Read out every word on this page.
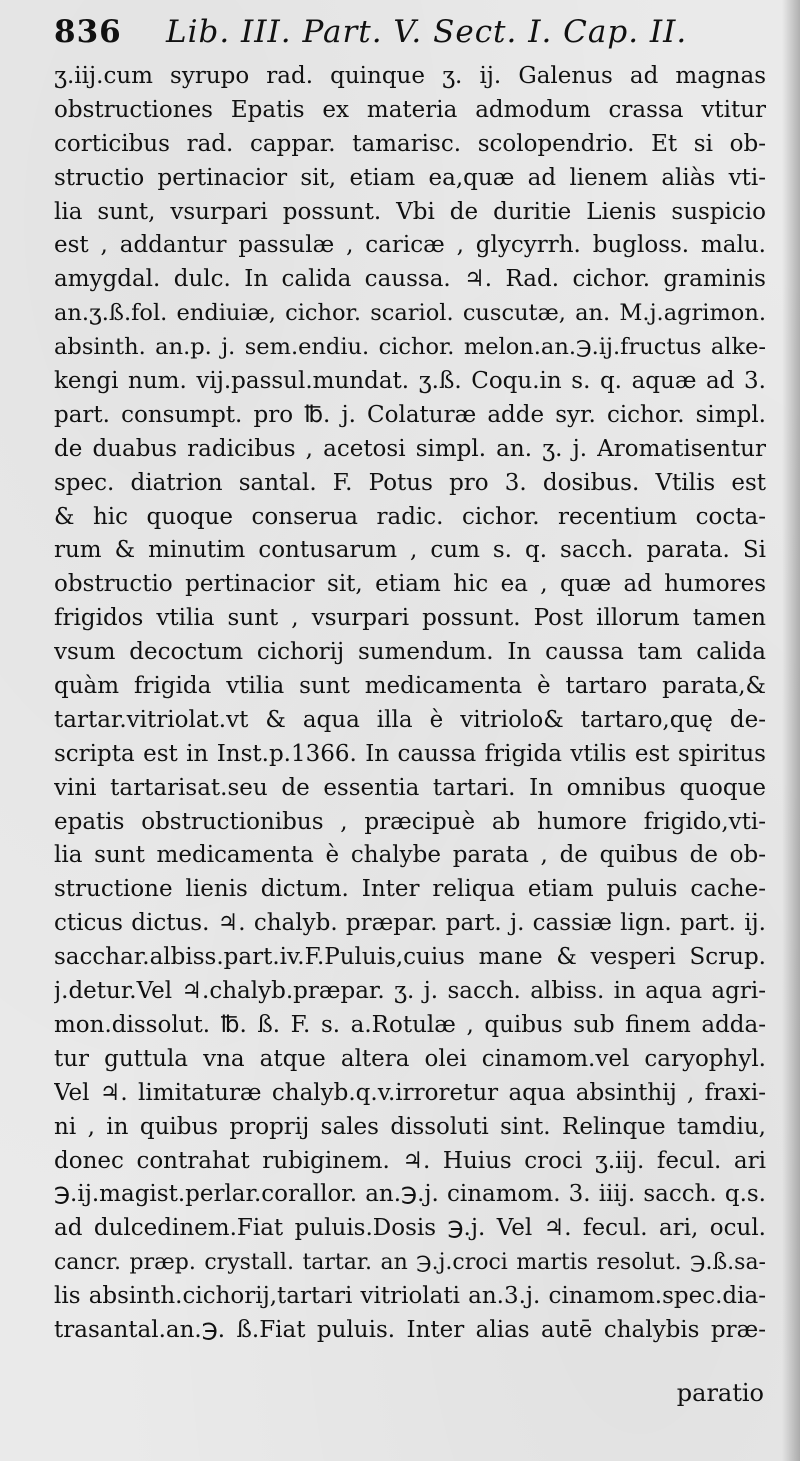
836	Lib. III. Part. V. Sect. I. Cap. II.
ʒ.iij.cum syrupo rad. quinque ʒ. ij. Galenus ad magnas
obstructiones Epatis ex materia admodum crassa vtitur
corticibus rad. cappar. tamarisc. scolopendrio. Et si ob-
structio pertinacior sit, etiam ea,quæ ad lienem aliàs vti-
lia sunt, vsurpari possunt. Vbi de duritie Lienis suspicio
est , addantur passulæ , caricæ , glycyrrh. bugloss. malu.
amygdal. dulc. In calida caussa. ♃. Rad. cichor. graminis
an.ʒ.ß.fol. endiuiæ, cichor. scariol. cuscutæ, an. M.j.agrimon.
absinth. an.p. j. sem.endiu. cichor. melon.an.℈.ij.fructus alke-
kengi num. vij.passul.mundat. ʒ.ß. Coqu.in s. q. aquæ ad 3.
part. consumpt. pro ℔. j. Colaturæ adde syr. cichor. simpl.
de duabus radicibus , acetosi simpl. an. ʒ. j. Aromatisentur
spec. diatrion santal. F. Potus pro 3. dosibus. Vtilis est
& hic quoque conserua radic. cichor. recentium cocta-
rum & minutim contusarum , cum s. q. sacch. parata. Si
obstructio pertinacior sit, etiam hic ea , quæ ad humores
frigidos vtilia sunt , vsurpari possunt. Post illorum tamen
vsum decoctum cichorij sumendum. In caussa tam calida
quàm frigida vtilia sunt medicamenta è tartaro parata,&
tartar.vitriolat.vt & aqua illa è vitriolo& tartaro,quę de-
scripta est in Inst.p.1366. In caussa frigida vtilis est spiritus
vini tartarisat.seu de essentia tartari. In omnibus quoque
epatis obstructionibus , præcipuè ab humore frigido,vti-
lia sunt medicamenta è chalybe parata , de quibus de ob-
structione lienis dictum. Inter reliqua etiam puluis cache-
cticus dictus. ♃. chalyb. præpar. part. j. cassiæ lign. part. ij.
sacchar.albiss.part.iv.F.Puluis,cuius mane & vesperi Scrup.
j.detur.Vel ♃.chalyb.præpar. ʒ. j. sacch. albiss. in aqua agri-
mon.dissolut. ℔. ß. F. s. a.Rotulæ , quibus sub finem adda-
tur guttula vna atque altera olei cinamom.vel caryophyl.
Vel ♃. limitaturæ chalyb.q.v.irroretur aqua absinthij , fraxi-
ni , in quibus proprij sales dissoluti sint. Relinque tamdiu,
donec contrahat rubiginem. ♃. Huius croci ʒ.iij. fecul. ari
℈.ij.magist.perlar.corallor. an.℈.j. cinamom. 3. iiij. sacch. q.s.
ad dulcedinem.Fiat puluis.Dosis ℈.j. Vel ♃. fecul. ari, ocul.
cancr. præp. crystall. tartar. an ℈.j.croci martis resolut. ℈.ß.sa-
lis absinth.cichorij,tartari vitriolati an.3.j. cinamom.spec.dia-
trasantal.an.℈. ß.Fiat puluis. Inter alias autē chalybis præ-
paratio
